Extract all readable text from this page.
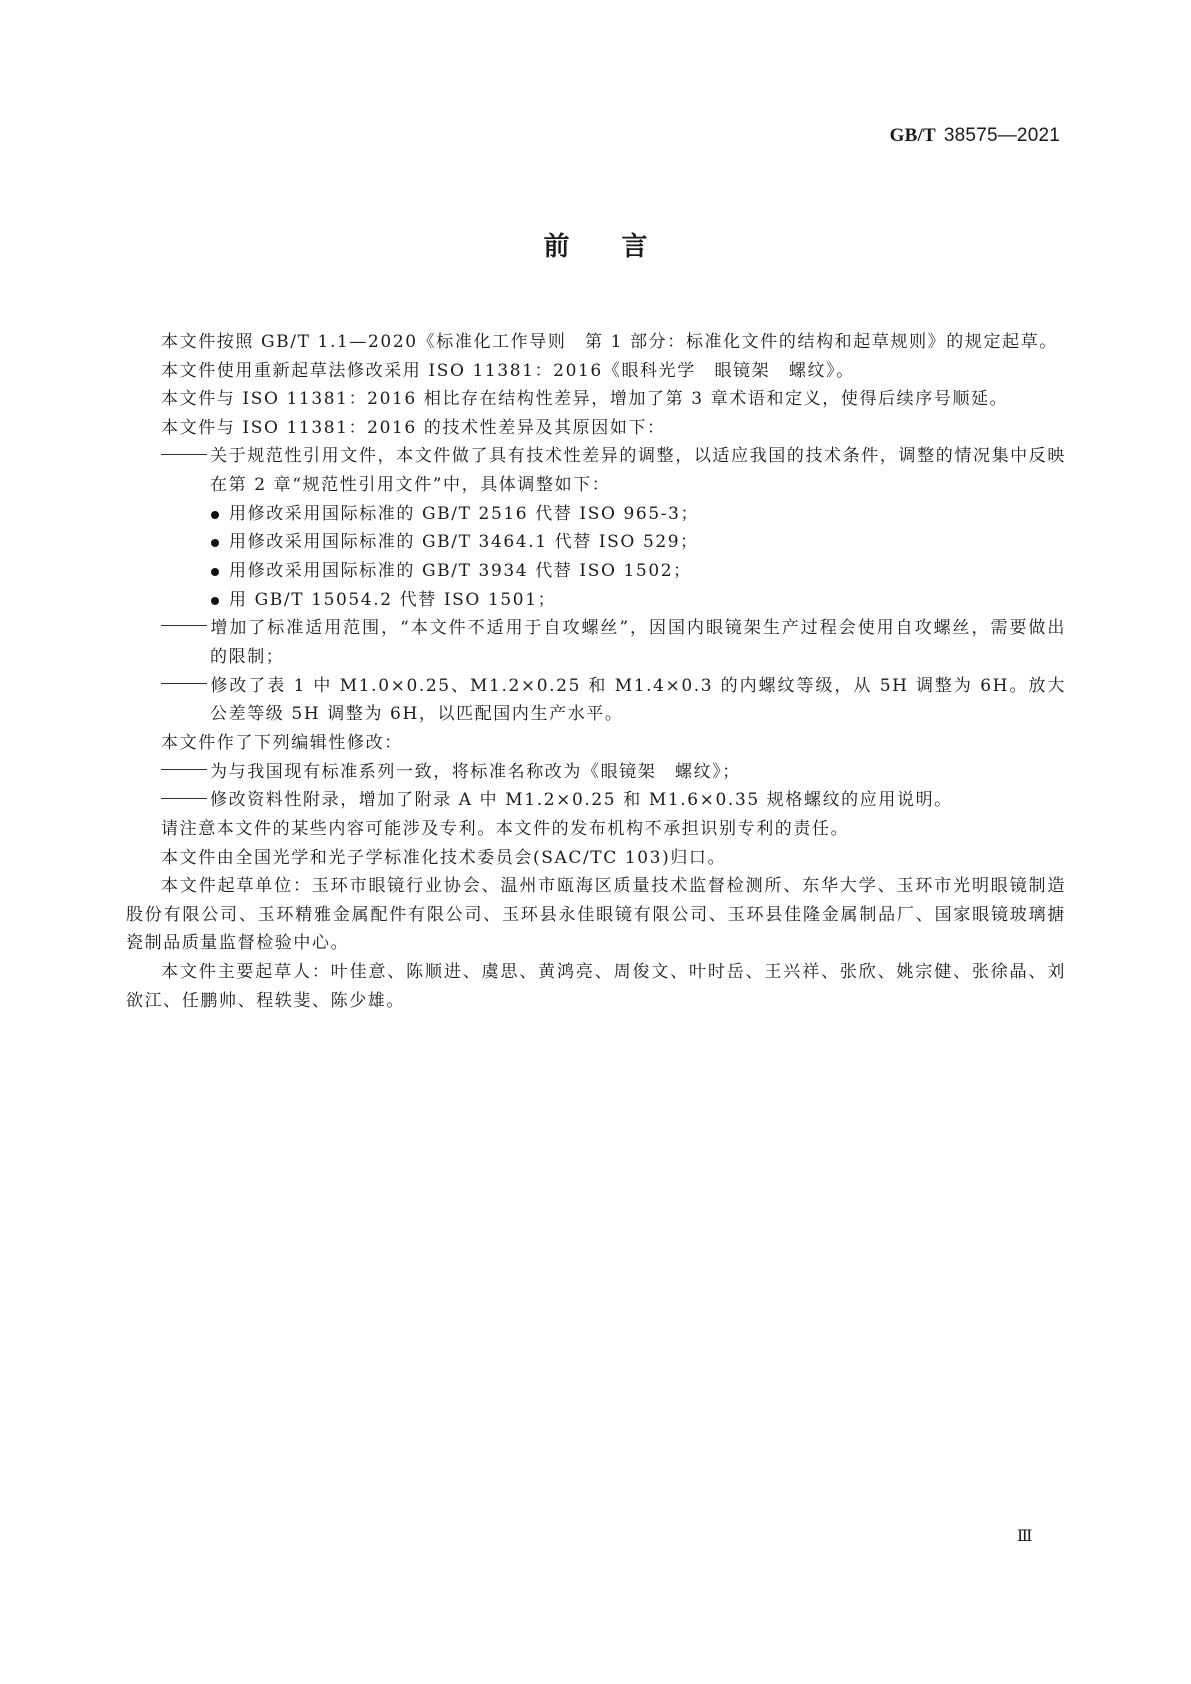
GB/T 38575—2021
前言

本文件按照 GB/T 1.1—2020《标准化工作导则　第 1 部分：标准化文件的结构和起草规则》的规定起草。

本文件使用重新起草法修改采用 ISO 11381：2016《眼科光学　眼镜架　螺纹》。

本文件与 ISO 11381：2016 相比存在结构性差异，增加了第 3 章术语和定义，使得后续序号顺延。

本文件与 ISO 11381：2016 的技术性差异及其原因如下：

关于规范性引用文件，本文件做了具有技术性差异的调整，以适应我国的技术条件，调整的情况集中反映在第 2 章“规范性引用文件”中，具体调整如下：

用修改采用国际标准的 GB/T 2516 代替 ISO 965-3；

用修改采用国际标准的 GB/T 3464.1 代替 ISO 529；

用修改采用国际标准的 GB/T 3934 代替 ISO 1502；

用 GB/T 15054.2 代替 ISO 1501；

增加了标准适用范围，“本文件不适用于自攻螺丝”，因国内眼镜架生产过程会使用自攻螺丝，需要做出的限制；

修改了表 1 中 M1.0×0.25、M1.2×0.25 和 M1.4×0.3 的内螺纹等级，从 5H 调整为 6H。放大公差等级 5H 调整为 6H，以匹配国内生产水平。

本文件作了下列编辑性修改：

为与我国现有标准系列一致，将标准名称改为《眼镜架　螺纹》；

修改资料性附录，增加了附录 A 中 M1.2×0.25 和 M1.6×0.35 规格螺纹的应用说明。

请注意本文件的某些内容可能涉及专利。本文件的发布机构不承担识别专利的责任。

本文件由全国光学和光子学标准化技术委员会(SAC/TC 103)归口。

本文件起草单位：玉环市眼镜行业协会、温州市瓯海区质量技术监督检测所、东华大学、玉环市光明眼镜制造股份有限公司、玉环精雅金属配件有限公司、玉环县永佳眼镜有限公司、玉环县佳隆金属制品厂、国家眼镜玻璃搪瓷制品质量监督检验中心。

本文件主要起草人：叶佳意、陈顺进、虞思、黄鸿亮、周俊文、叶时岳、王兴祥、张欣、姚宗健、张徐晶、刘欲江、任鹏帅、程轶斐、陈少雄。

Ⅲ
